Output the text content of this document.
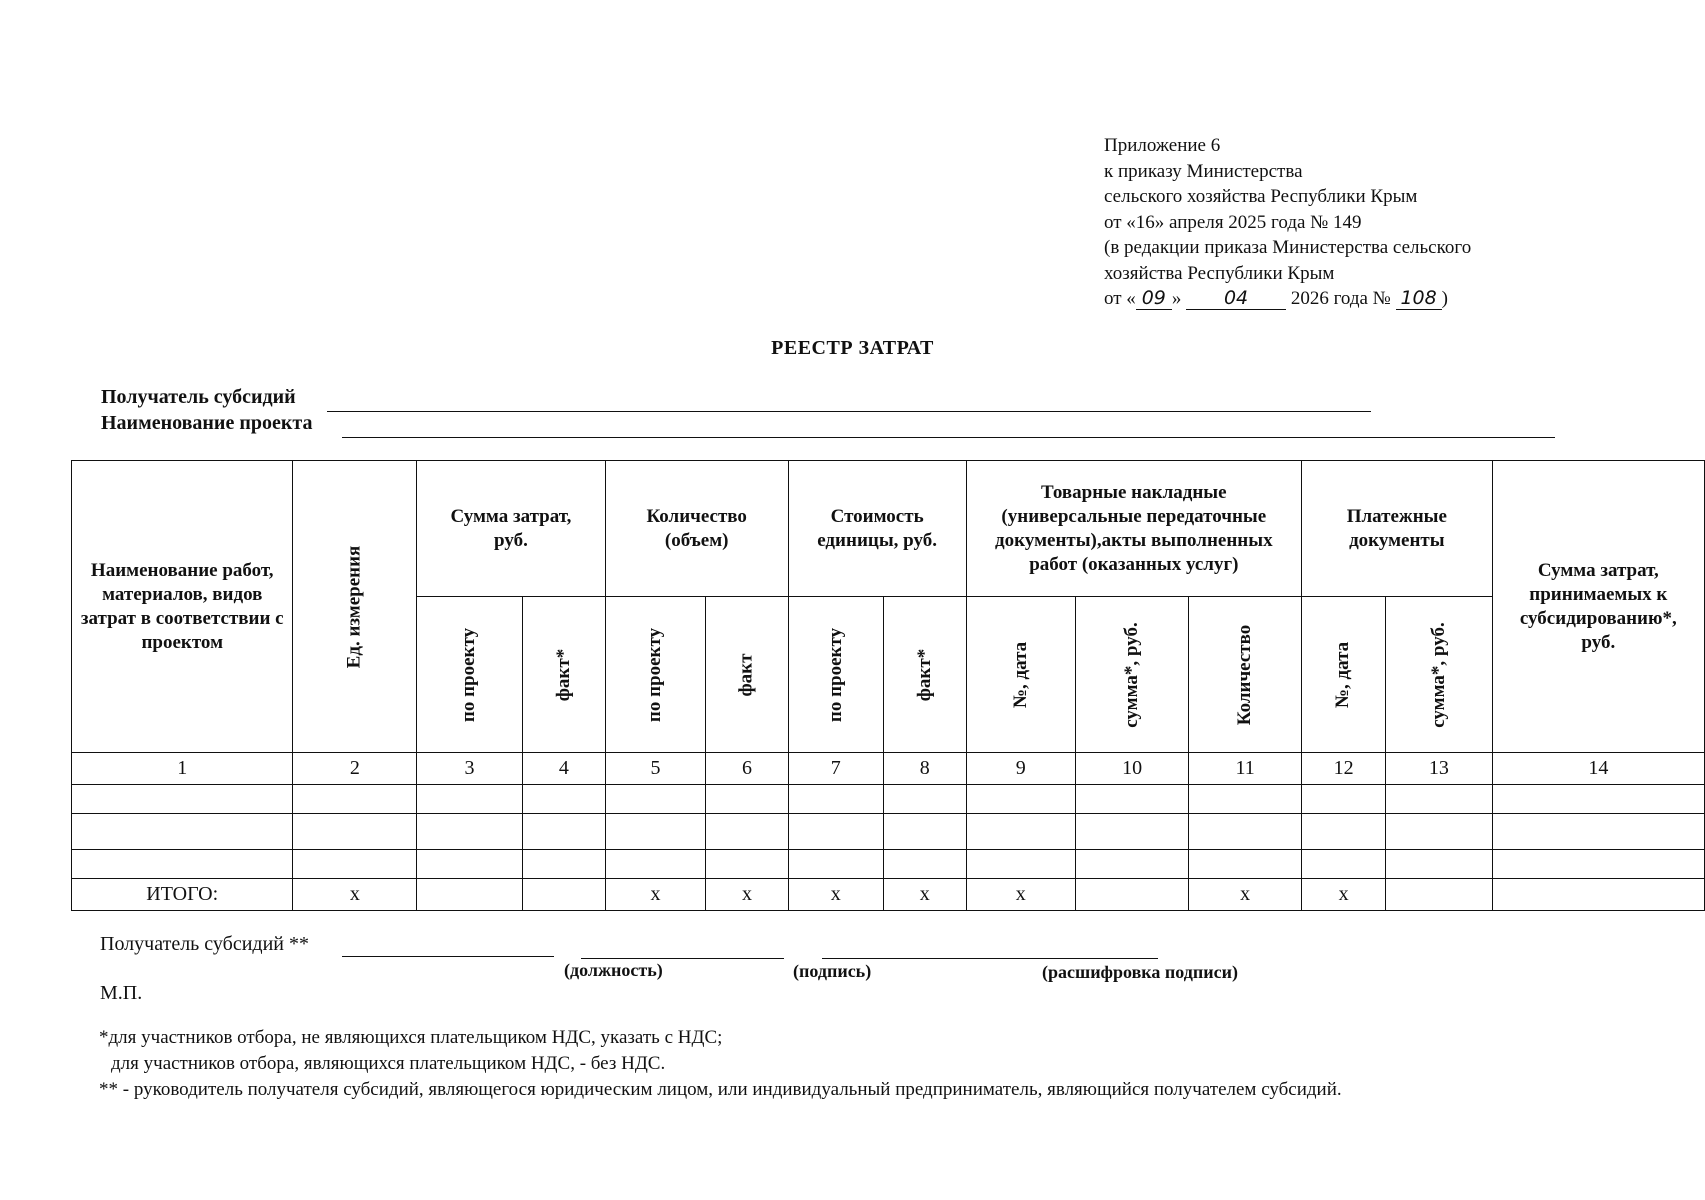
Приложение 6
к приказу Министерства
сельского хозяйства Республики Крым
от «16» апреля 2025 года № 149
(в редакции приказа Министерства сельского
хозяйства Республики Крым
от « 09 » 04 2026 года № 108 )
РЕЕСТР ЗАТРАТ
Получатель субсидий
Наименование проекта
Наименование работ, материалов, видов затрат в соответствии с проектом	Ед. измерения	Сумма затрат, руб.		Количество (объем)		Стоимость единицы, руб.		Товарные накладные (универсальные передаточные документы),акты выполненных работ (оказанных услуг)			Платежные документы		Сумма затрат, принимаемых к субсидированию*, руб.
		по проекту	факт*	по проекту	факт	по проекту	факт*	№, дата	сумма*, руб.	Количество	№, дата	сумма*, руб.	
1	2	3	4	5	6	7	8	9	10	11	12	13	14

ИТОГО:	х			х	х	х	х	х		х	х		
Получатель субсидий **
(должность)	(подпись)	(расшифровка подписи)
М.П.
*для участников отбора, не являющихся плательщиком НДС, указать с НДС;
для участников отбора, являющихся плательщиком НДС, - без НДС.
** - руководитель получателя субсидий, являющегося юридическим лицом, или индивидуальный предприниматель, являющийся получателем субсидий.
